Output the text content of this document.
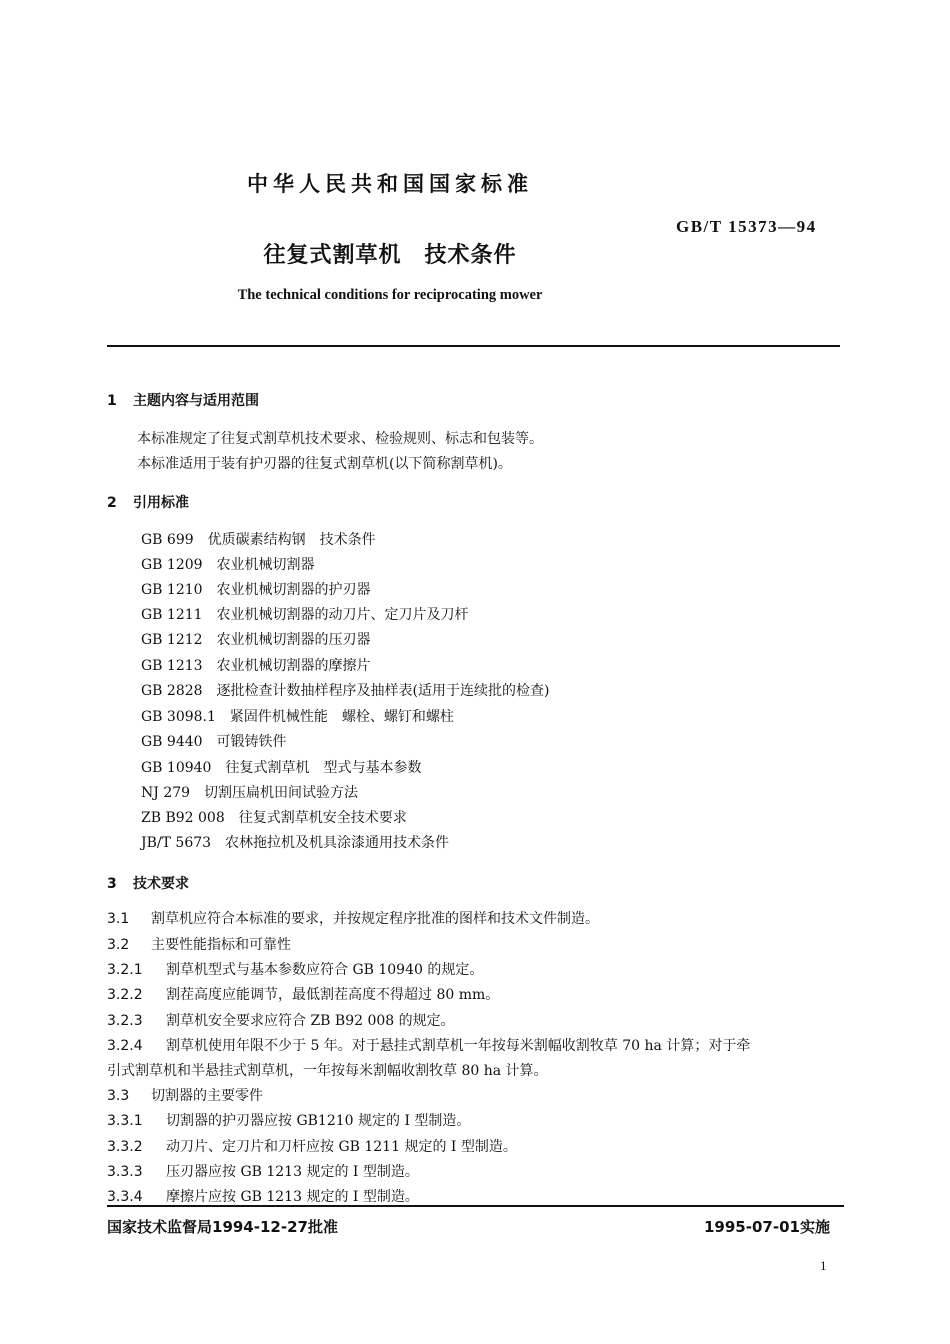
中华人民共和国国家标准
GB/T 15373—94
往复式割草机　技术条件
The technical conditions for reciprocating mower
1 主题内容与适用范围
本标准规定了往复式割草机技术要求、检验规则、标志和包装等。
本标准适用于装有护刃器的往复式割草机(以下简称割草机)。
2 引用标准
GB 699　优质碳素结构钢　技术条件
GB 1209　农业机械切割器
GB 1210　农业机械切割器的护刃器
GB 1211　农业机械切割器的动刀片、定刀片及刀杆
GB 1212　农业机械切割器的压刃器
GB 1213　农业机械切割器的摩擦片
GB 2828　逐批检查计数抽样程序及抽样表(适用于连续批的检查)
GB 3098.1　紧固件机械性能　螺栓、螺钉和螺柱
GB 9440　可锻铸铁件
GB 10940　往复式割草机　型式与基本参数
NJ 279　切割压扁机田间试验方法
ZB B92 008　往复式割草机安全技术要求
JB/T 5673　农林拖拉机及机具涂漆通用技术条件
3 技术要求
3.1 割草机应符合本标准的要求，并按规定程序批准的图样和技术文件制造。
3.2 主要性能指标和可靠性
3.2.1 割草机型式与基本参数应符合 GB 10940 的规定。
3.2.2 割茬高度应能调节，最低割茬高度不得超过 80 mm。
3.2.3 割草机安全要求应符合 ZB B92 008 的规定。
3.2.4 割草机使用年限不少于 5 年。对于悬挂式割草机一年按每米割幅收割牧草 70 ha 计算；对于牵
引式割草机和半悬挂式割草机，一年按每米割幅收割牧草 80 ha 计算。
3.3 切割器的主要零件
3.3.1 切割器的护刃器应按 GB1210 规定的 Ⅰ 型制造。
3.3.2 动刀片、定刀片和刀杆应按 GB 1211 规定的 Ⅰ 型制造。
3.3.3 压刃器应按 GB 1213 规定的 Ⅰ 型制造。
3.3.4 摩擦片应按 GB 1213 规定的 Ⅰ 型制造。
国家技术监督局1994-12-27批准	1995-07-01实施
1
